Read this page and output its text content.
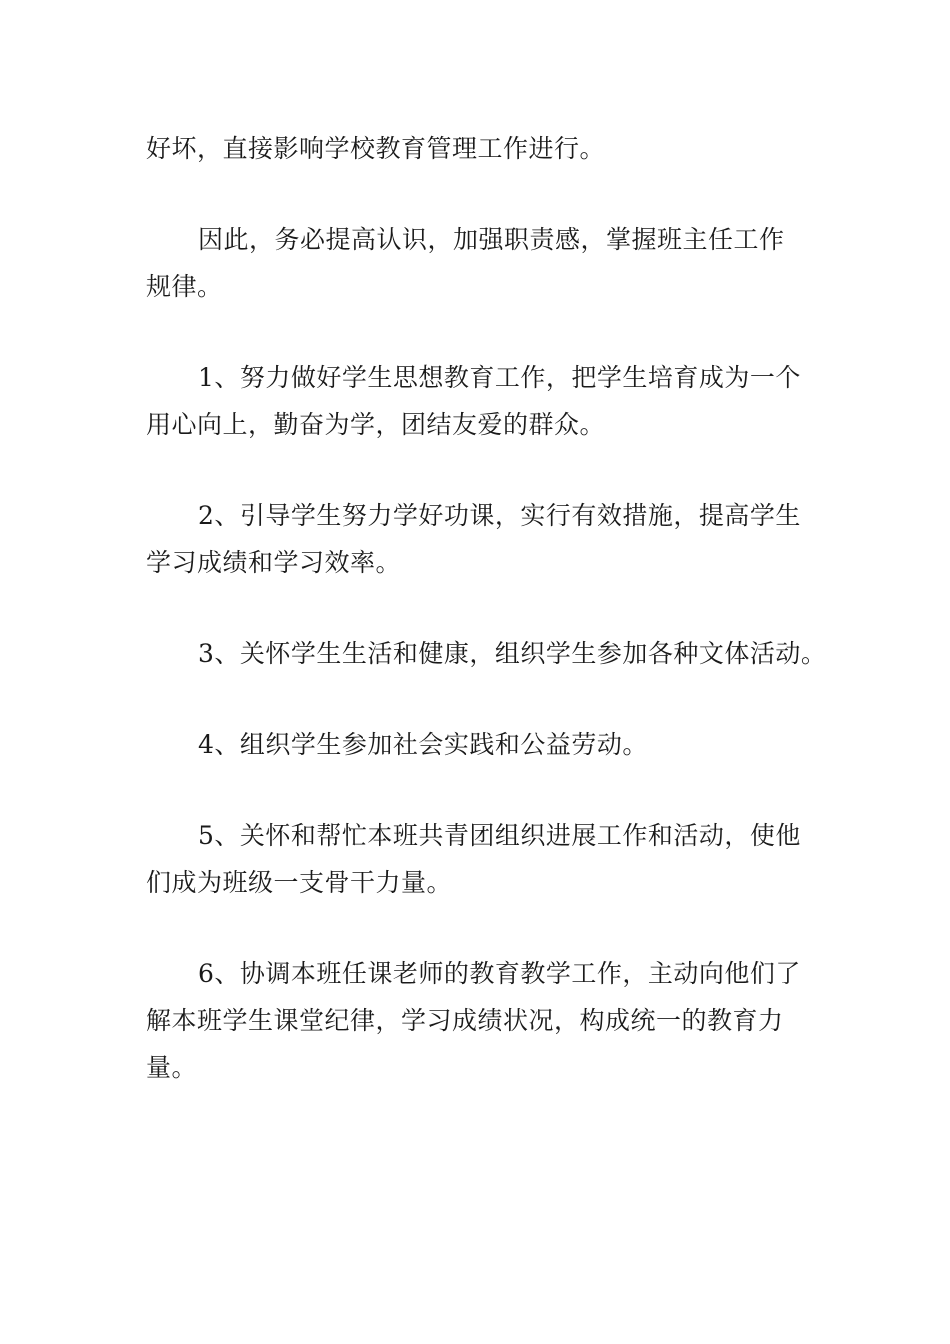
好坏，直接影响学校教育管理工作进行。

因此，务必提高认识，加强职责感，掌握班主任工作
规律。

1、努力做好学生思想教育工作，把学生培育成为一个
用心向上，勤奋为学，团结友爱的群众。

2、引导学生努力学好功课，实行有效措施，提高学生
学习成绩和学习效率。

3、关怀学生生活和健康，组织学生参加各种文体活动。

4、组织学生参加社会实践和公益劳动。

5、关怀和帮忙本班共青团组织进展工作和活动，使他
们成为班级一支骨干力量。

6、协调本班任课老师的教育教学工作，主动向他们了
解本班学生课堂纪律，学习成绩状况，构成统一的教育力
量。
